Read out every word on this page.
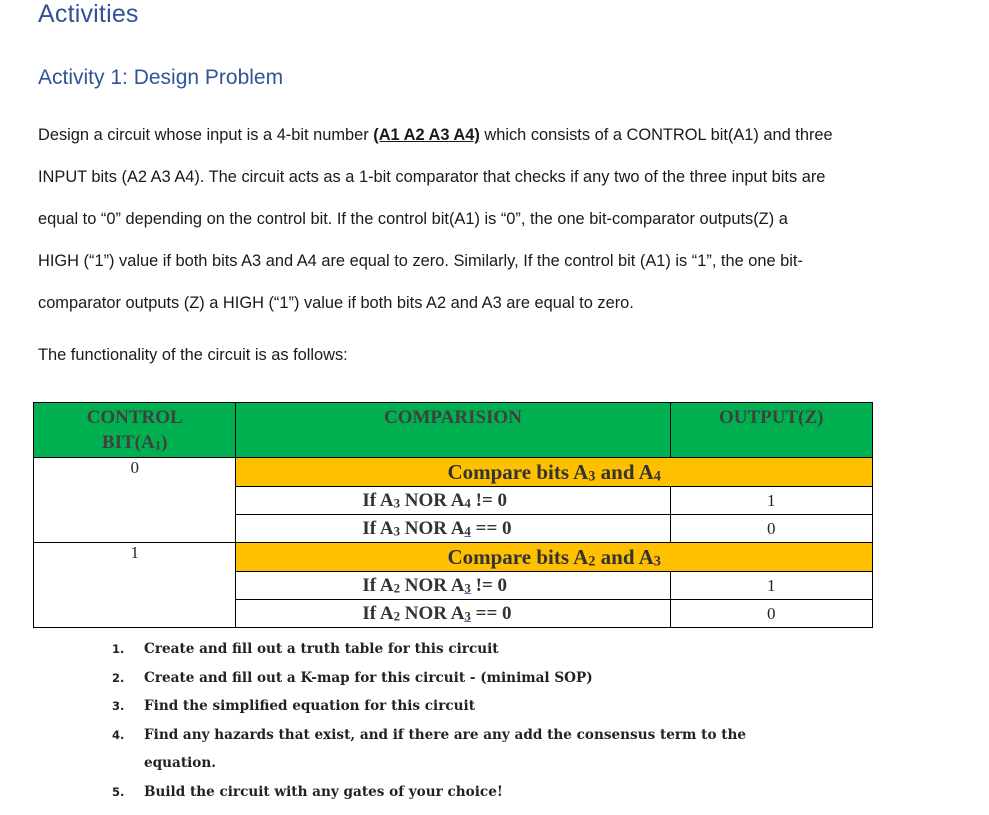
Activities
Activity 1: Design Problem
Design a circuit whose input is a 4-bit number (A1 A2 A3 A4) which consists of a CONTROL bit(A1) and three
INPUT bits (A2 A3 A4). The circuit acts as a 1-bit comparator that checks if any two of the three input bits are
equal to “0” depending on the control bit. If the control bit(A1) is “0”, the one bit-comparator outputs(Z) a
HIGH (“1”) value if both bits A3 and A4 are equal to zero. Similarly, If the control bit (A1) is “1”, the one bit-
comparator outputs (Z) a HIGH (“1”) value if both bits A2 and A3 are equal to zero.
The functionality of the circuit is as follows:
CONTROL
$BIT(A_1)$	COMPARISION	OUTPUT(Z)

0	Compare bits $A_3$ and $A_4$
	If $A_3$ NOR $A_4$ != 0	1
	If $A_3$ NOR $A_4 == 0$	0
1	Compare bits $A_2$ and $A_3$
	If $A_2$ NOR $A_3$ != 0	1
	If $A_2$ NOR $A_3 == 0$	0
1. Create and fill out a truth table for this circuit
2. Create and fill out a K-map for this circuit - (minimal SOP)
3. Find the simplified equation for this circuit
4. Find any hazards that exist, and if there are any add the consensus term to the equation.
5. Build the circuit with any gates of your choice!
